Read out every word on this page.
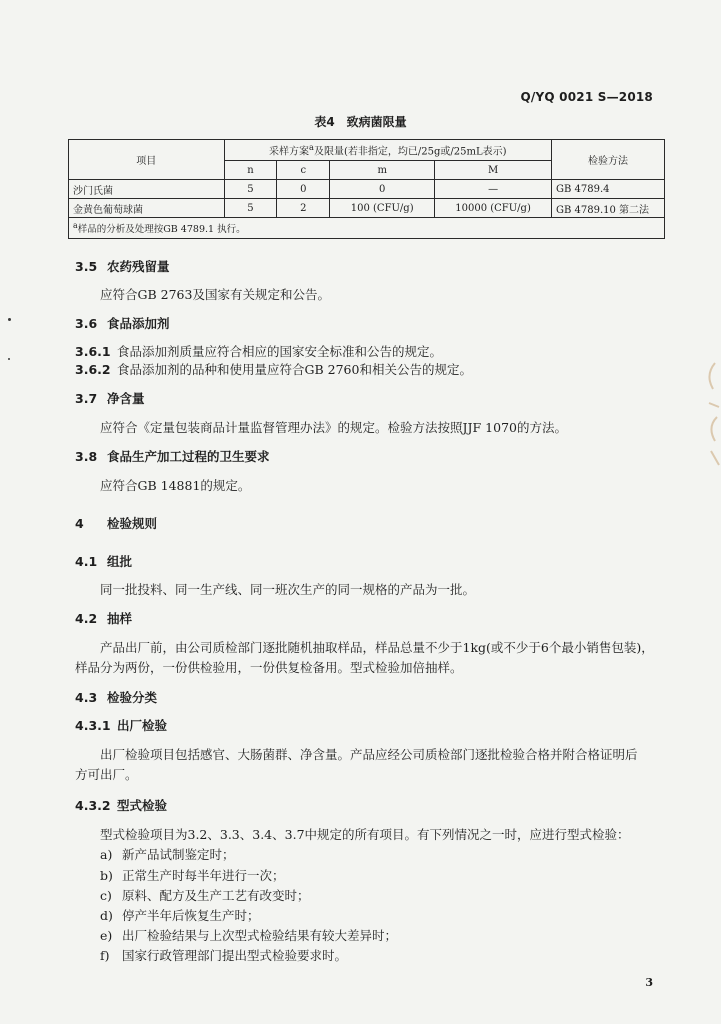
Q/YQ 0021 S—2018
表4　致病菌限量
项目	采样方案$^a$及限量(若非指定，均已/25g或/25mL表示)				检验方法
	n	c	m	M	
沙门氏菌	5	0	0	—	GB 4789.4
金黄色葡萄球菌	5	2	100 (CFU/g)	10000 (CFU/g)	GB 4789.10 第二法
$^a$样品的分析及处理按GB 4789.1 执行。					
3.5 农药残留量
应符合GB 2763及国家有关规定和公告。
3.6 食品添加剂
3.6.1 食品添加剂质量应符合相应的国家安全标准和公告的规定。
3.6.2 食品添加剂的品种和使用量应符合GB 2760和相关公告的规定。
3.7 净含量
应符合《定量包装商品计量监督管理办法》的规定。检验方法按照JJF 1070的方法。
3.8 食品生产加工过程的卫生要求
应符合GB 14881的规定。
4 检验规则
4.1 组批
同一批投料、同一生产线、同一班次生产的同一规格的产品为一批。
4.2 抽样
产品出厂前，由公司质检部门逐批随机抽取样品，样品总量不少于1kg(或不少于6个最小销售包装)，
样品分为两份，一份供检验用，一份供复检备用。型式检验加倍抽样。
4.3 检验分类
4.3.1 出厂检验
出厂检验项目包括感官、大肠菌群、净含量。产品应经公司质检部门逐批检验合格并附合格证明后
方可出厂。
4.3.2 型式检验
型式检验项目为3.2、3.3、3.4、3.7中规定的所有项目。有下列情况之一时，应进行型式检验：
a) 新产品试制鉴定时；
b) 正常生产时每半年进行一次；
c) 原料、配方及生产工艺有改变时；
d) 停产半年后恢复生产时；
e) 出厂检验结果与上次型式检验结果有较大差异时；
f) 国家行政管理部门提出型式检验要求时。
3
